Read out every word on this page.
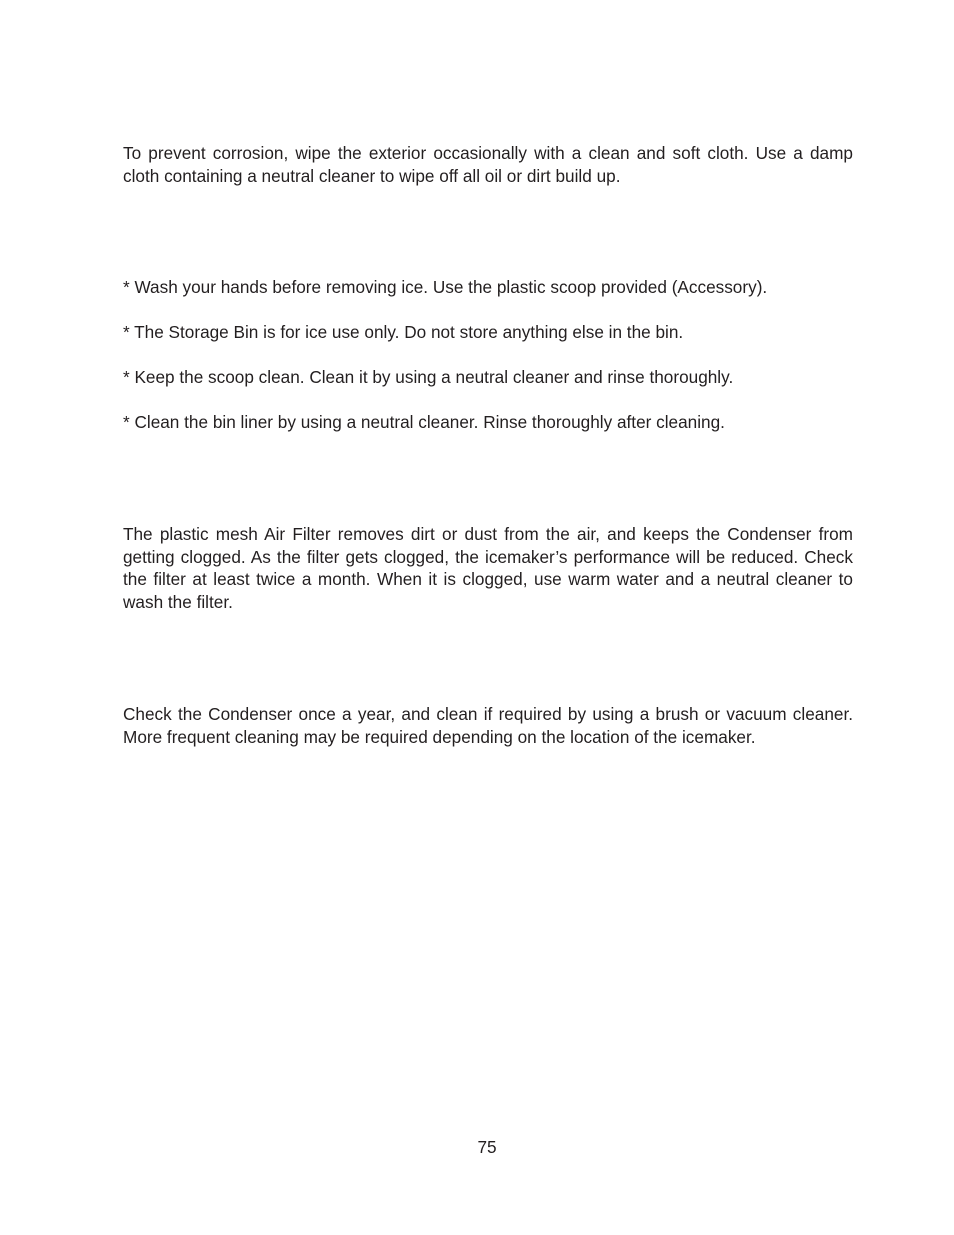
To prevent corrosion, wipe the exterior occasionally with a clean and soft cloth. Use a damp cloth containing a neutral cleaner to wipe off all oil or dirt build up.

* Wash your hands before removing ice. Use the plastic scoop provided (Accessory).

* The Storage Bin is for ice use only. Do not store anything else in the bin.

* Keep the scoop clean. Clean it by using a neutral cleaner and rinse thoroughly.

* Clean the bin liner by using a neutral cleaner. Rinse thoroughly after cleaning.

The plastic mesh Air Filter removes dirt or dust from the air, and keeps the Condenser from getting clogged. As the filter gets clogged, the icemaker’s performance will be reduced. Check the filter at least twice a month. When it is clogged, use warm water and a neutral cleaner to wash the filter.

Check the Condenser once a year, and clean if required by using a brush or vacuum cleaner. More frequent cleaning may be required depending on the location of the icemaker.

75
